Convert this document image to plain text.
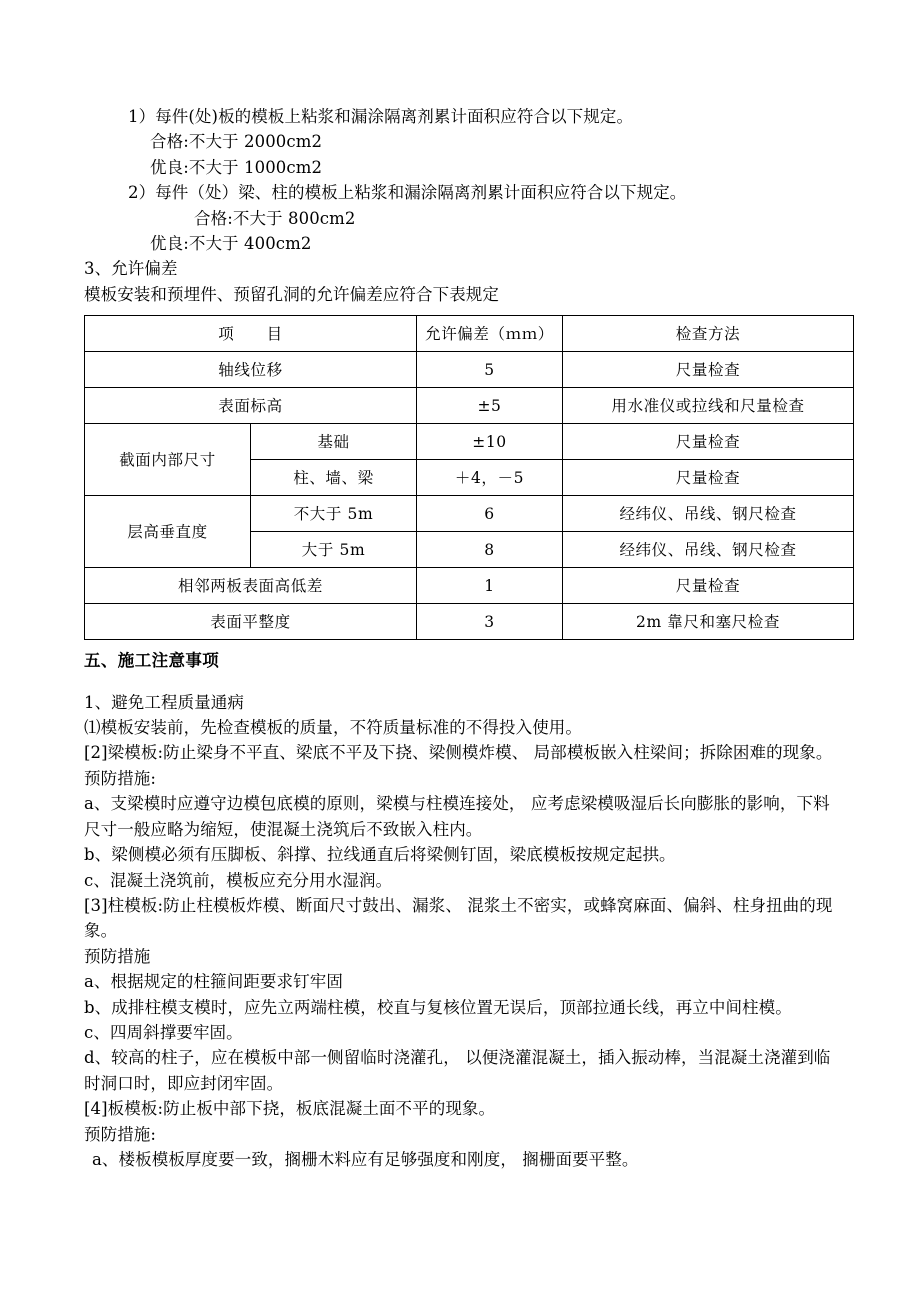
1）每件(处)板的模板上粘浆和漏涂隔离剂累计面积应符合以下规定。

合格:不大于 2000cm2

优良:不大于 1000cm2

2）每件（处）梁、柱的模板上粘浆和漏涂隔离剂累计面积应符合以下规定。

合格:不大于 800cm2

优良:不大于 400cm2

3、允许偏差

模板安装和预埋件、预留孔洞的允许偏差应符合下表规定

项　　目		允许偏差（ｍｍ）	检查方法
轴线位移		5	尺量检查
表面标高		±5	用水准仪或拉线和尺量检查
截面内部尺寸	基础	±10	尺量检查
	柱、墙、梁	＋4，－5	尺量检查
层高垂直度	不大于 5m	6	经纬仪、吊线、钢尺检查
	大于 5m	8	经纬仪、吊线、钢尺检查
相邻两板表面高低差		1	尺量检查
表面平整度		3	2m 靠尺和塞尺检查

五、施工注意事项

1、避免工程质量通病

⑴模板安装前，先检查模板的质量，不符质量标准的不得投入使用。

[2]梁模板:防止梁身不平直、梁底不平及下挠、梁侧模炸模、 局部模板嵌入柱梁间；拆除困难的现象。

预防措施:

a、支梁模时应遵守边模包底模的原则，梁模与柱模连接处， 应考虑梁模吸湿后长向膨胀的影响，下料尺寸一般应略为缩短，使混凝土浇筑后不致嵌入柱内。

b、梁侧模必须有压脚板、斜撑、拉线通直后将梁侧钉固，梁底模板按规定起拱。

c、混凝土浇筑前，模板应充分用水湿润。

[3]柱模板:防止柱模板炸模、断面尺寸鼓出、漏浆、 混浆土不密实，或蜂窝麻面、偏斜、柱身扭曲的现象。

预防措施

a、根据规定的柱箍间距要求钉牢固

b、成排柱模支模时，应先立两端柱模，校直与复核位置无误后，顶部拉通长线，再立中间柱模。

c、四周斜撑要牢固。

d、较高的柱子，应在模板中部一侧留临时浇灌孔， 以便浇灌混凝土，插入振动棒，当混凝土浇灌到临时洞口时，即应封闭牢固。

[4]板模板:防止板中部下挠，板底混凝土面不平的现象。

预防措施:

a、楼板模板厚度要一致，搁栅木料应有足够强度和刚度， 搁栅面要平整。
